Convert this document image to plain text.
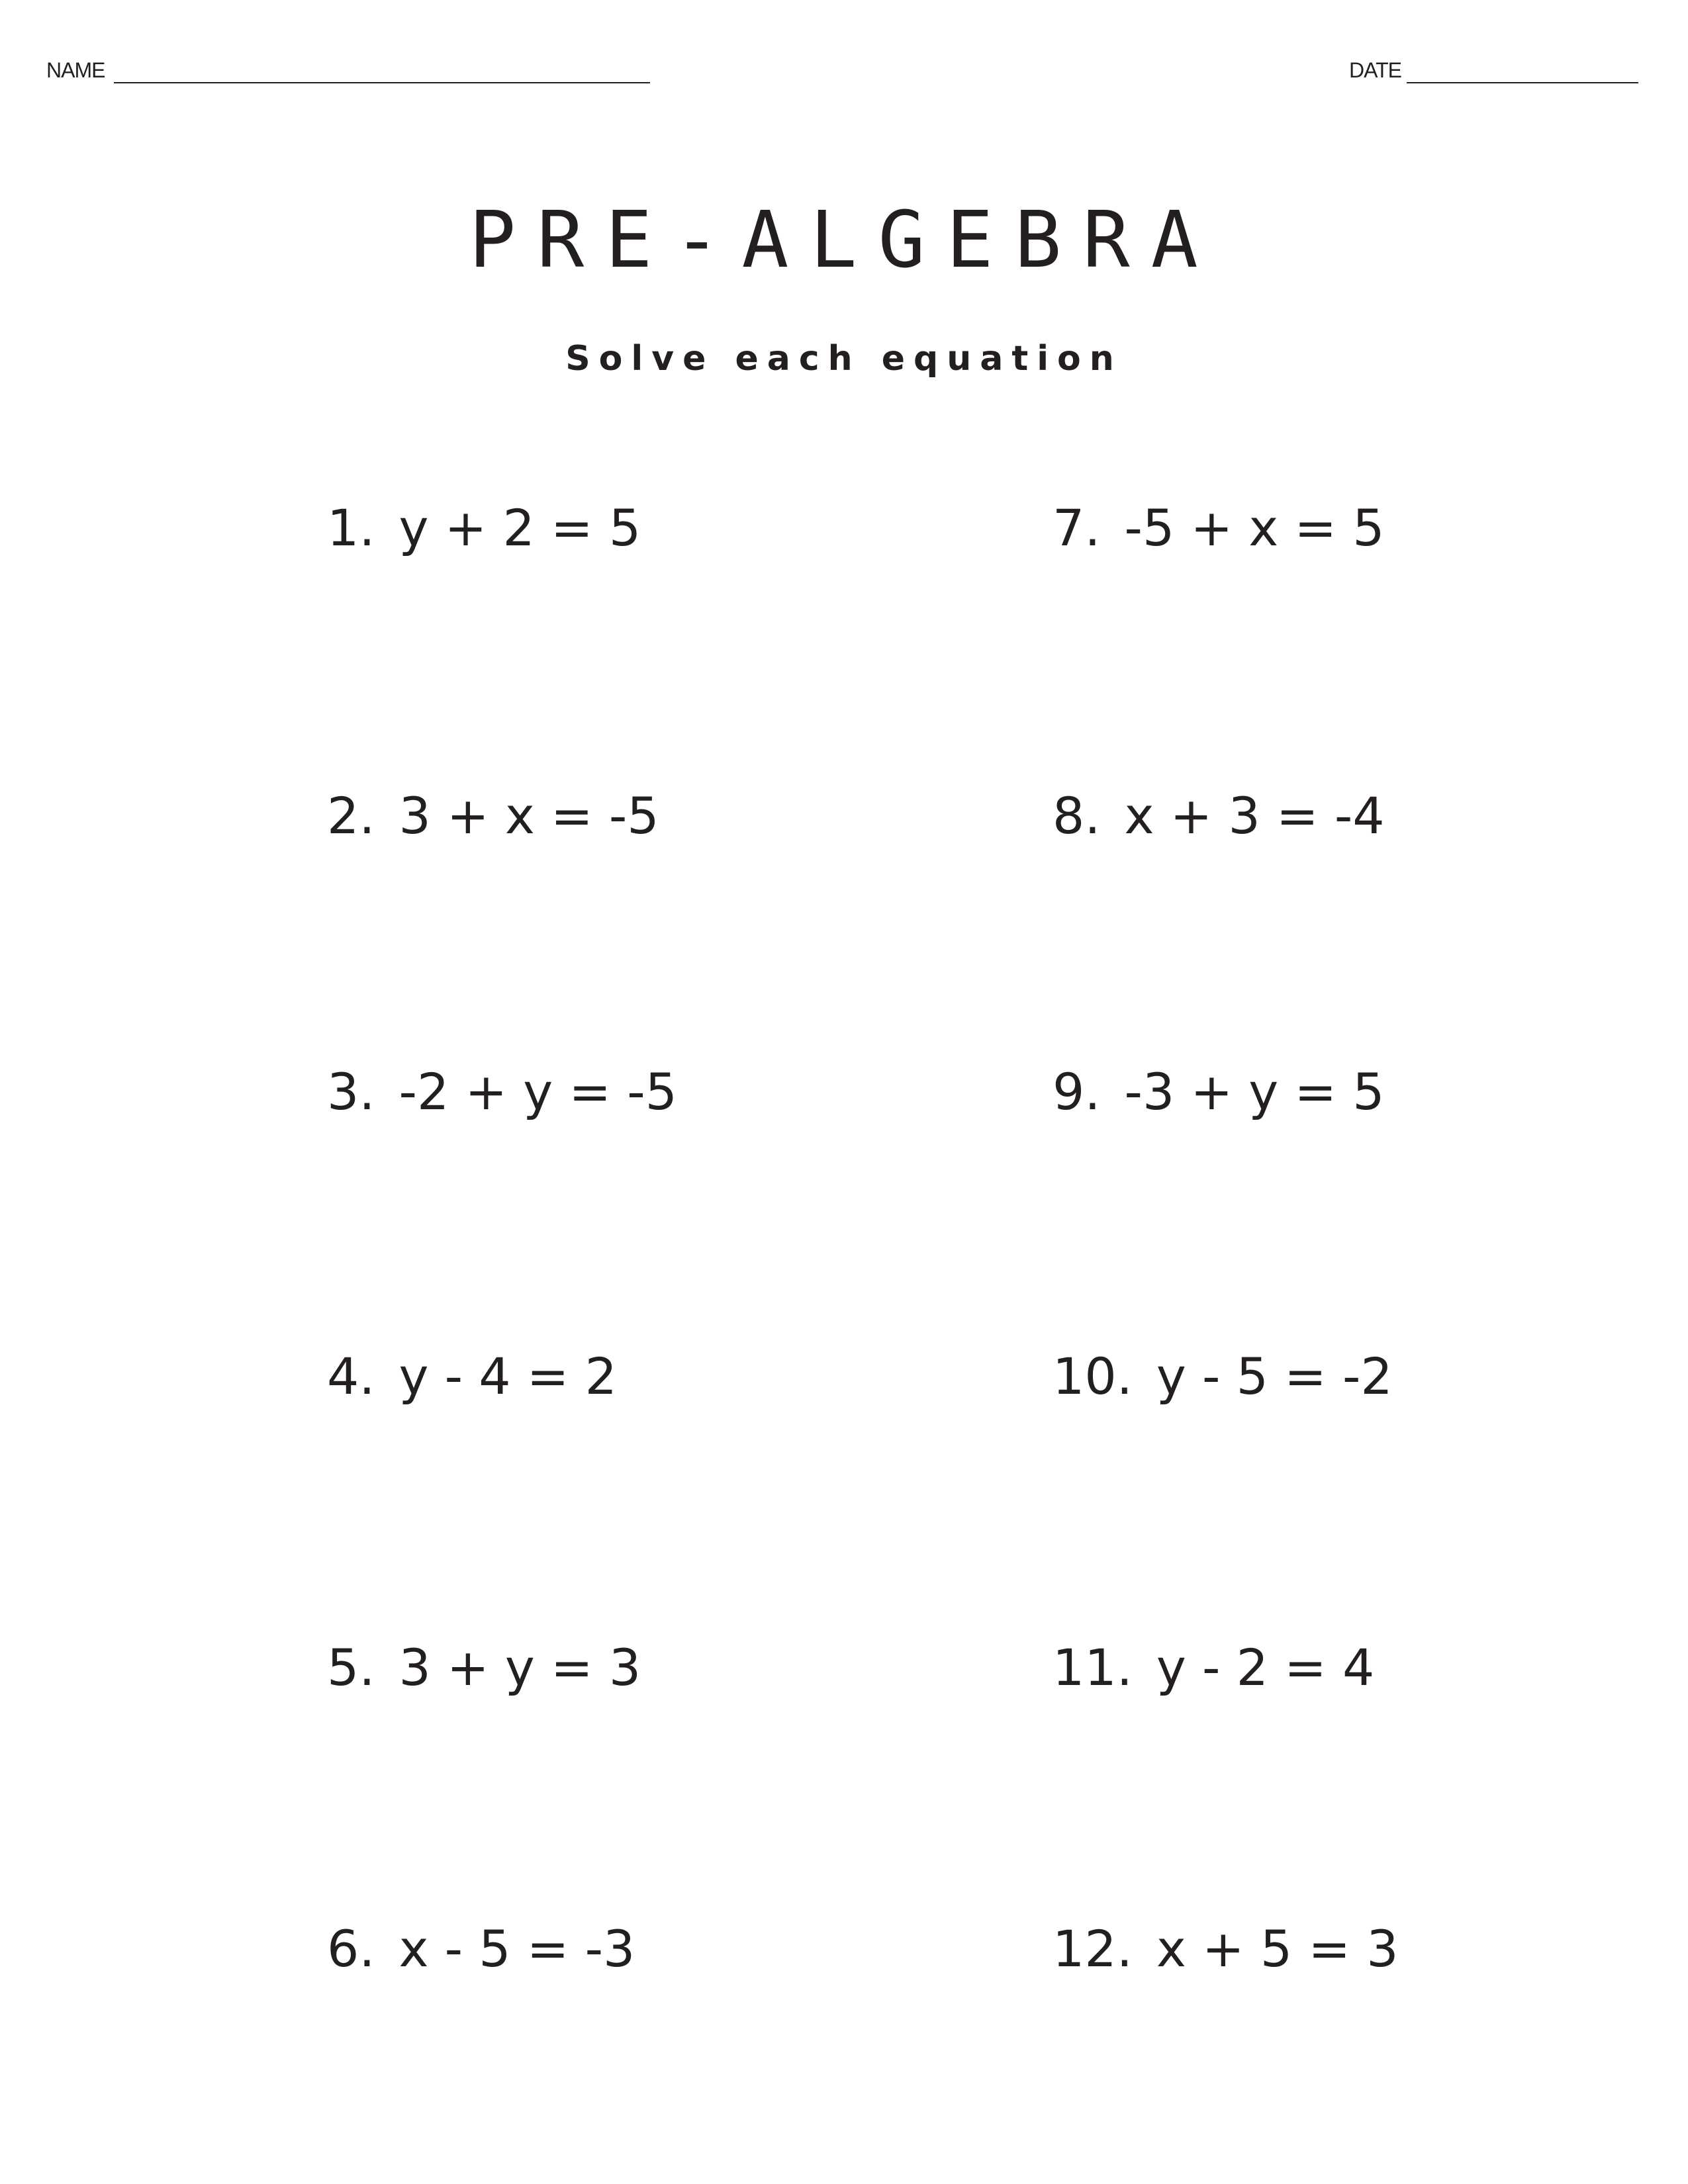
NAME	DATE
PRE-ALGEBRA
Solve each equation
1. y + 2 = 5
2. 3 + x = -5
3. -2 + y = -5
4. y - 4 = 2
5. 3 + y = 3
6. x - 5 = -3
7. -5 + x = 5
8. x + 3 = -4
9. -3 + y = 5
10. y - 5 = -2
11. y - 2 = 4
12. x + 5 = 3
